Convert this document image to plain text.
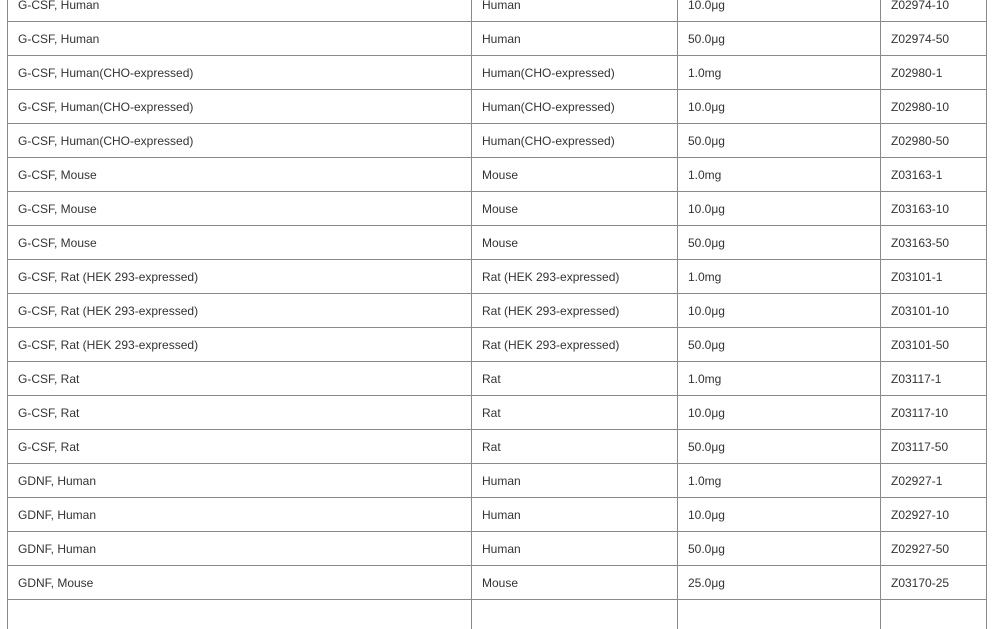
G-CSF, Human	Human	10.0μg	Z02974-10
G-CSF, Human	Human	50.0μg	Z02974-50
G-CSF, Human(CHO-expressed)	Human(CHO-expressed)	1.0mg	Z02980-1
G-CSF, Human(CHO-expressed)	Human(CHO-expressed)	10.0μg	Z02980-10
G-CSF, Human(CHO-expressed)	Human(CHO-expressed)	50.0μg	Z02980-50
G-CSF, Mouse	Mouse	1.0mg	Z03163-1
G-CSF, Mouse	Mouse	10.0μg	Z03163-10
G-CSF, Mouse	Mouse	50.0μg	Z03163-50
G-CSF, Rat (HEK 293-expressed)	Rat (HEK 293-expressed)	1.0mg	Z03101-1
G-CSF, Rat (HEK 293-expressed)	Rat (HEK 293-expressed)	10.0μg	Z03101-10
G-CSF, Rat (HEK 293-expressed)	Rat (HEK 293-expressed)	50.0μg	Z03101-50
G-CSF, Rat	Rat	1.0mg	Z03117-1
G-CSF, Rat	Rat	10.0μg	Z03117-10
G-CSF, Rat	Rat	50.0μg	Z03117-50
GDNF, Human	Human	1.0mg	Z02927-1
GDNF, Human	Human	10.0μg	Z02927-10
GDNF, Human	Human	50.0μg	Z02927-50
GDNF, Mouse	Mouse	25.0μg	Z03170-25
